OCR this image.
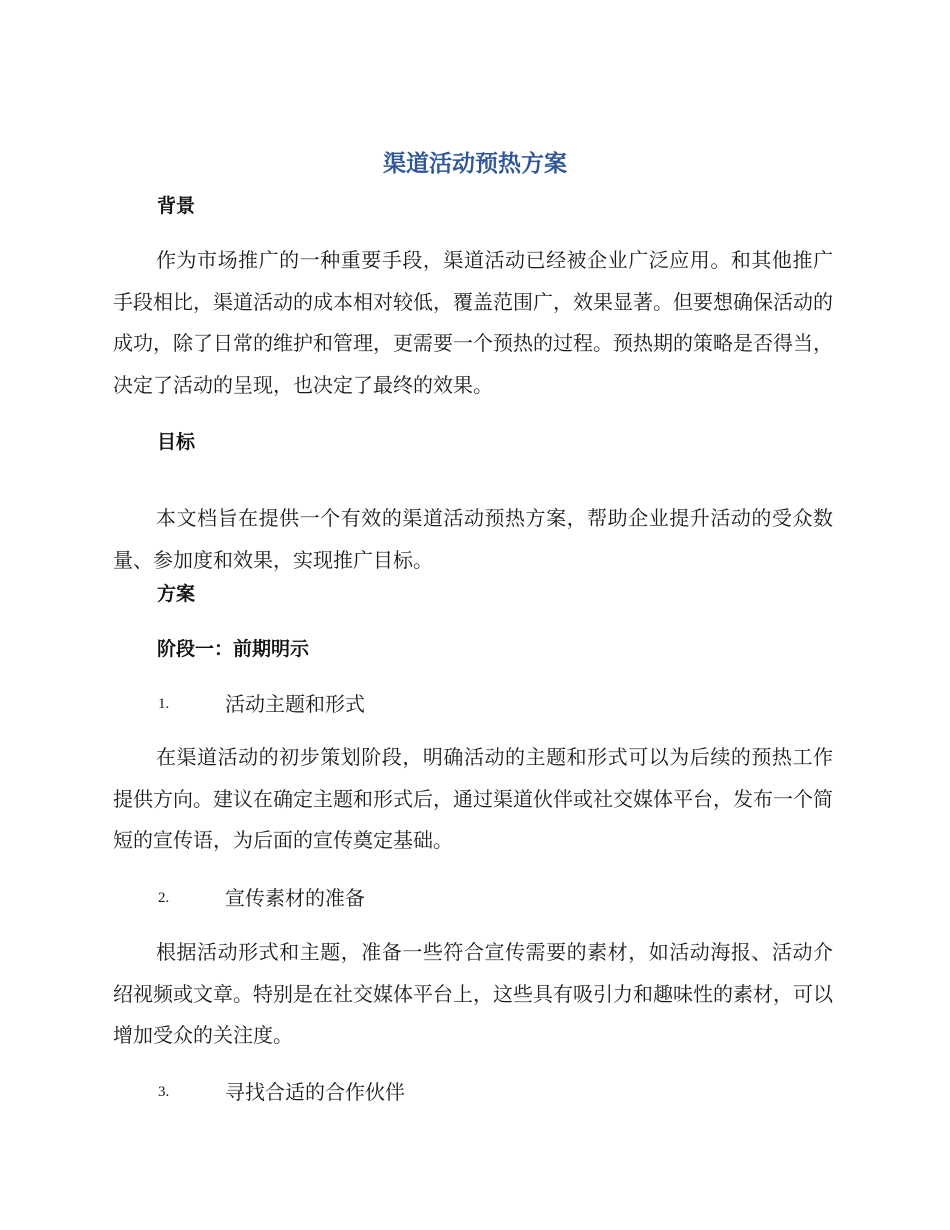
渠道活动预热方案
背景

作为市场推广的一种重要手段，渠道活动已经被企业广泛应用。和其他推广手段相比，渠道活动的成本相对较低，覆盖范围广，效果显著。但要想确保活动的成功，除了日常的维护和管理，更需要一个预热的过程。预热期的策略是否得当，决定了活动的呈现，也决定了最终的效果。

目标

本文档旨在提供一个有效的渠道活动预热方案，帮助企业提升活动的受众数量、参加度和效果，实现推广目标。

方案
阶段一：前期明示
1.	活动主题和形式

在渠道活动的初步策划阶段，明确活动的主题和形式可以为后续的预热工作提供方向。建议在确定主题和形式后，通过渠道伙伴或社交媒体平台，发布一个简短的宣传语，为后面的宣传奠定基础。

2.	宣传素材的准备

根据活动形式和主题，准备一些符合宣传需要的素材，如活动海报、活动介绍视频或文章。特别是在社交媒体平台上，这些具有吸引力和趣味性的素材，可以增加受众的关注度。

3.	寻找合适的合作伙伴
